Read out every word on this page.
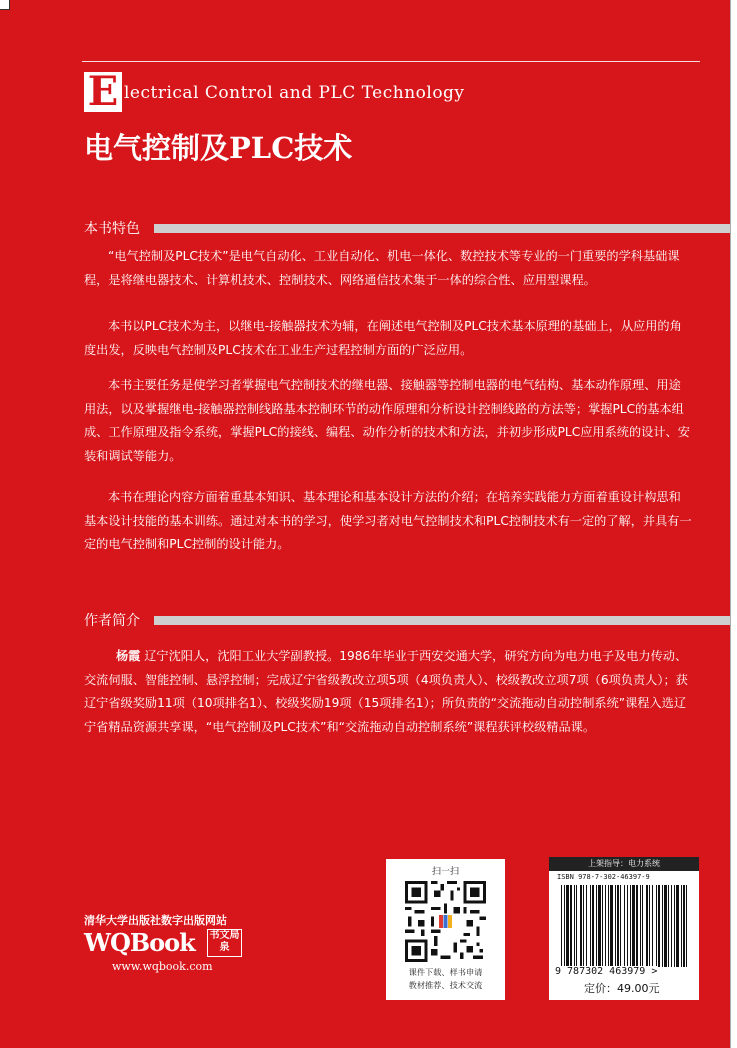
E lectrical Control and PLC Technology
电气控制及PLC技术
本书特色

“电气控制及PLC技术”是电气自动化、工业自动化、机电一体化、数控技术等专业的一门重要的学科基础课程，是将继电器技术、计算机技术、控制技术、网络通信技术集于一体的综合性、应用型课程。

本书以PLC技术为主，以继电-接触器技术为辅，在阐述电气控制及PLC技术基本原理的基础上，从应用的角度出发，反映电气控制及PLC技术在工业生产过程控制方面的广泛应用。

本书主要任务是使学习者掌握电气控制技术的继电器、接触器等控制电器的电气结构、基本动作原理、用途用法，以及掌握继电-接触器控制线路基本控制环节的动作原理和分析设计控制线路的方法等；掌握PLC的基本组成、工作原理及指令系统，掌握PLC的接线、编程、动作分析的技术和方法，并初步形成PLC应用系统的设计、安装和调试等能力。

本书在理论内容方面着重基本知识、基本理论和基本设计方法的介绍；在培养实践能力方面着重设计构思和基本设计技能的基本训练。通过对本书的学习，使学习者对电气控制技术和PLC控制技术有一定的了解，并具有一定的电气控制和PLC控制的设计能力。

作者简介

杨霞 辽宁沈阳人，沈阳工业大学副教授。1986年毕业于西安交通大学，研究方向为电力电子及电力传动、交流伺服、智能控制、悬浮控制；完成辽宁省级教改立项5项（4项负责人）、校级教改立项7项（6项负责人）；获辽宁省级奖励11项（10项排名1）、校级奖励19项（15项排名1）；所负责的“交流拖动自动控制系统”课程入选辽宁省精品资源共享课，“电气控制及PLC技术”和“交流拖动自动控制系统”课程获评校级精品课。

清华大学出版社数字出版网站
WQBook 书文局泉
www.wqbook.com
扫一扫
课件下载、样书申请
教材推荐、技术交流
上架指导：电力系统
ISBN 978-7-302-46397-9
9 787302 463979 >
定价：49.00元
